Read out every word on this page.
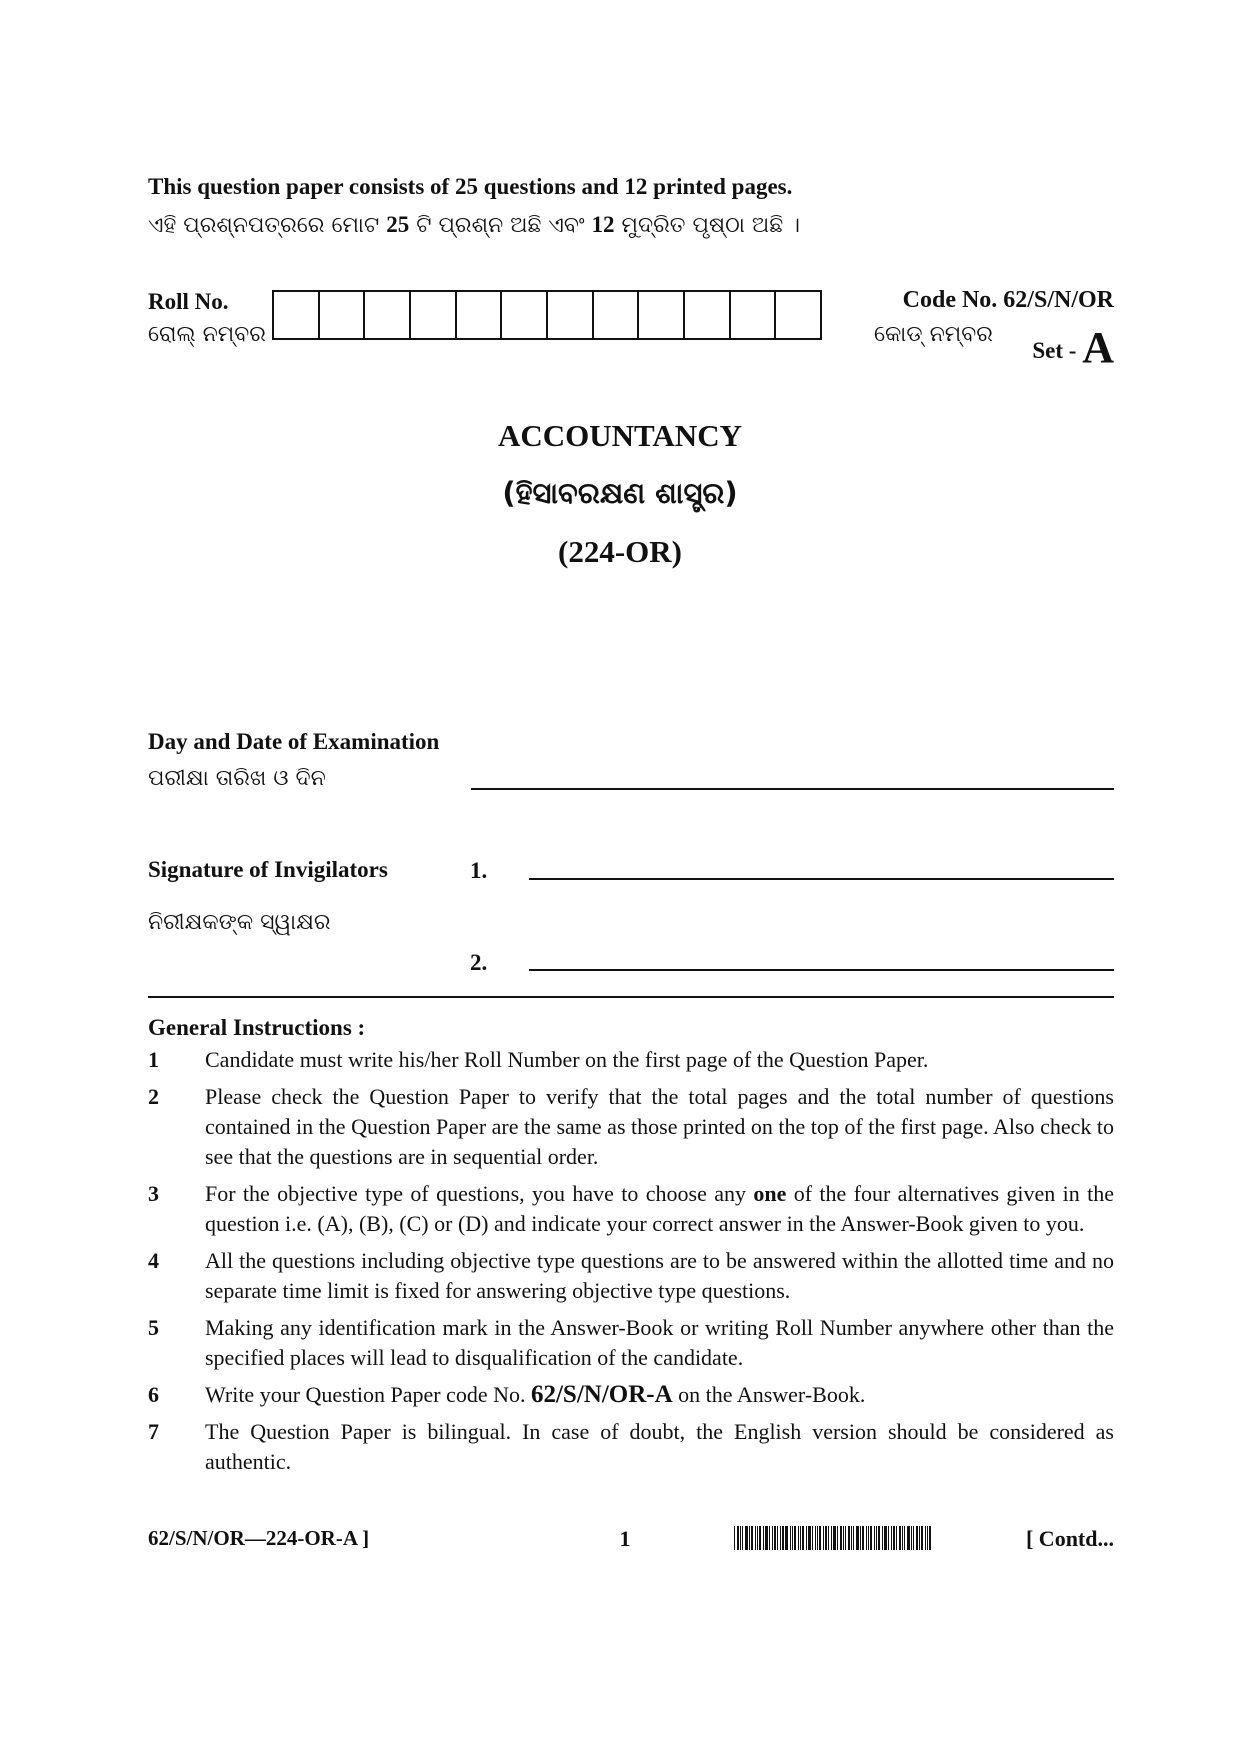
This question paper consists of 25 questions and 12 printed pages.
ଏହି ପ୍ରଶ୍ନପତ୍ରରେ ମୋଟ 25 ଟି ପ୍ରଶ୍ନ ଅଛି ଏବଂ 12 ମୁଦ୍ରିତ ପୃଷ୍ଠା ଅଛି ।
Roll No.
ରୋଲ୍ ନମ୍ବର
Code No. 62/S/N/OR
କୋଡ୍ ନମ୍ବର
Set - A
ACCOUNTANCY
(ହିସାବରକ୍ଷଣ ଶାସ୍ତ୍ର)
(224-OR)
Day and Date of Examination
ପରୀକ୍ଷା ତାରିଖ ଓ ଦିନ
Signature of Invigilators
ନିରୀକ୍ଷକଙ୍କ ସ୍ୱାକ୍ଷର
1.
2.
General Instructions :
1	Candidate must write his/her Roll Number on the first page of the Question Paper.
2	Please check the Question Paper to verify that the total pages and the total number of questions contained in the Question Paper are the same as those printed on the top of the first page. Also check to see that the questions are in sequential order.
3	For the objective type of questions, you have to choose any one of the four alternatives given in the question i.e. (A), (B), (C) or (D) and indicate your correct answer in the Answer-Book given to you.
4	All the questions including objective type questions are to be answered within the allotted time and no separate time limit is fixed for answering objective type questions.
5	Making any identification mark in the Answer-Book or writing Roll Number anywhere other than the specified places will lead to disqualification of the candidate.
6	Write your Question Paper code No. 62/S/N/OR-A on the Answer-Book.
7	The Question Paper is bilingual. In case of doubt, the English version should be considered as authentic.
62/S/N/OR—224-OR-A ]	1	[ Contd...
